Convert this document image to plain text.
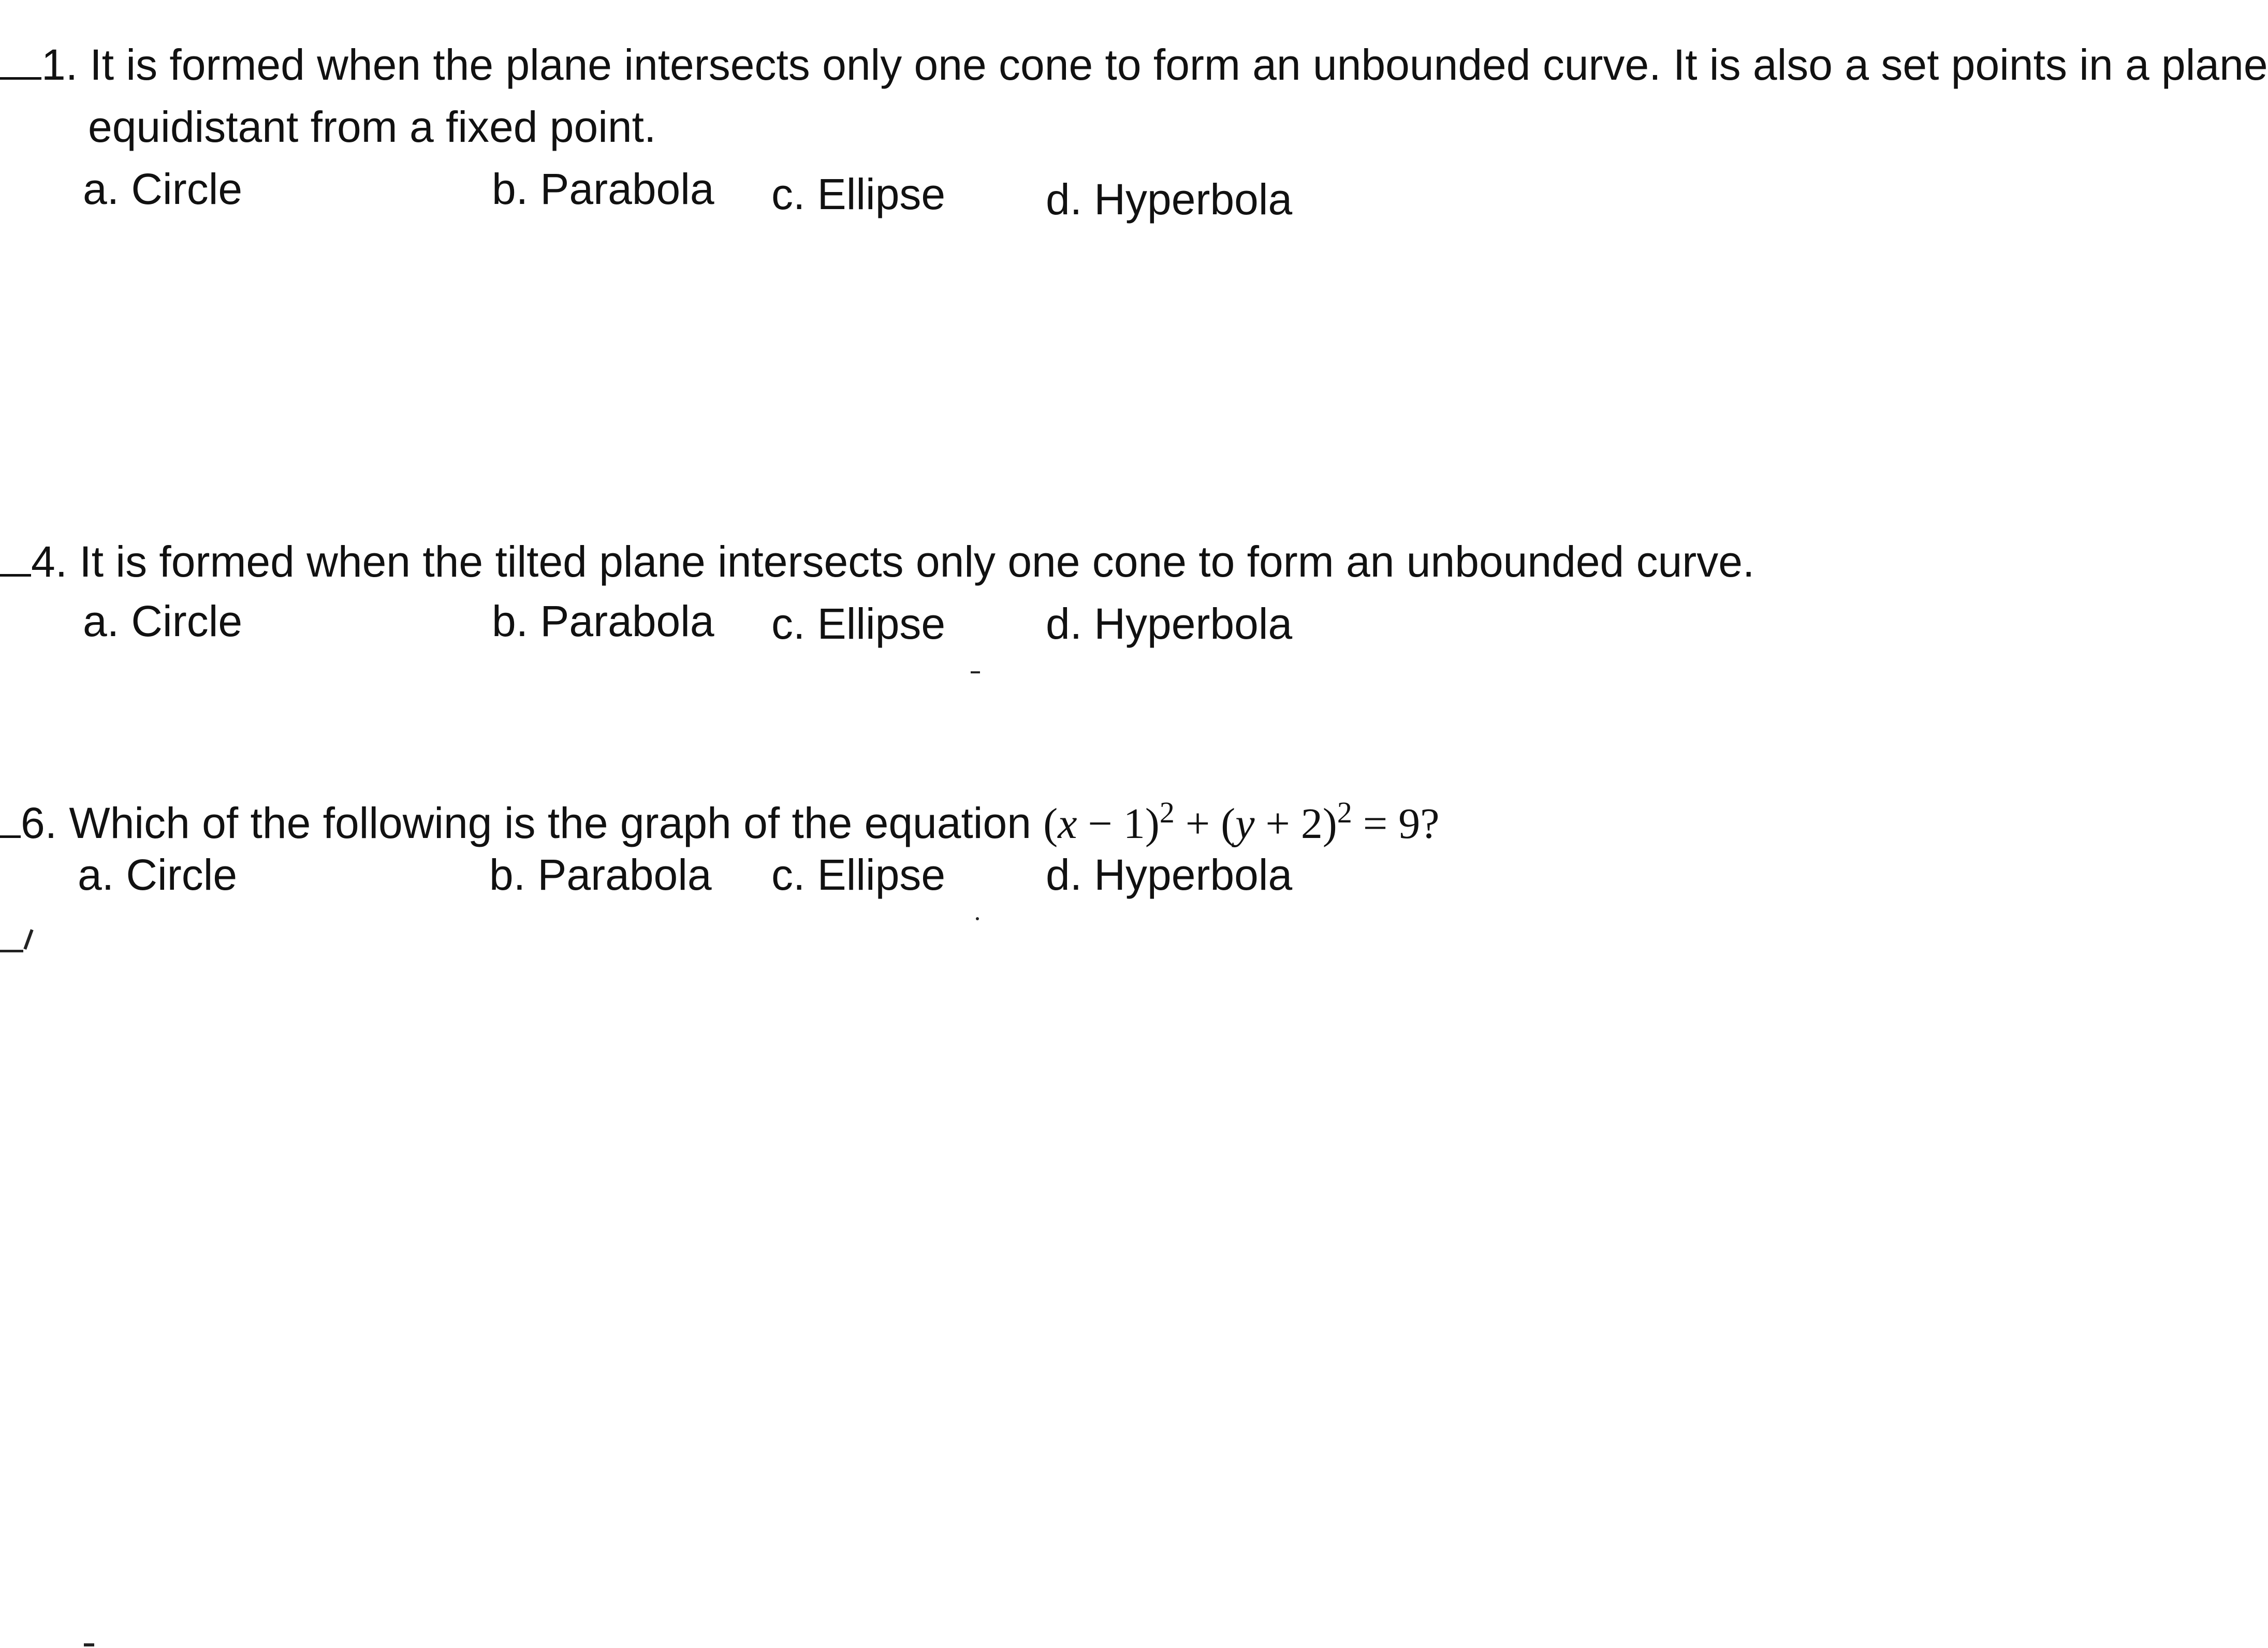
1. It is formed when the plane intersects only one cone to form an unbounded curve. It is also a set points in a plane
equidistant from a fixed point.
a. Circle	b. Parabola c. Ellipse d. Hyperbola
4. It is formed when the tilted plane intersects only one cone to form an unbounded curve.
a. Circle	b. Parabola c. Ellipse d. Hyperbola
6. Which of the following is the graph of the equation $(x - 1)^2 + (y + 2)^2 = 9$?
a. Circle	b. Parabola c. Ellipse d. Hyperbola
